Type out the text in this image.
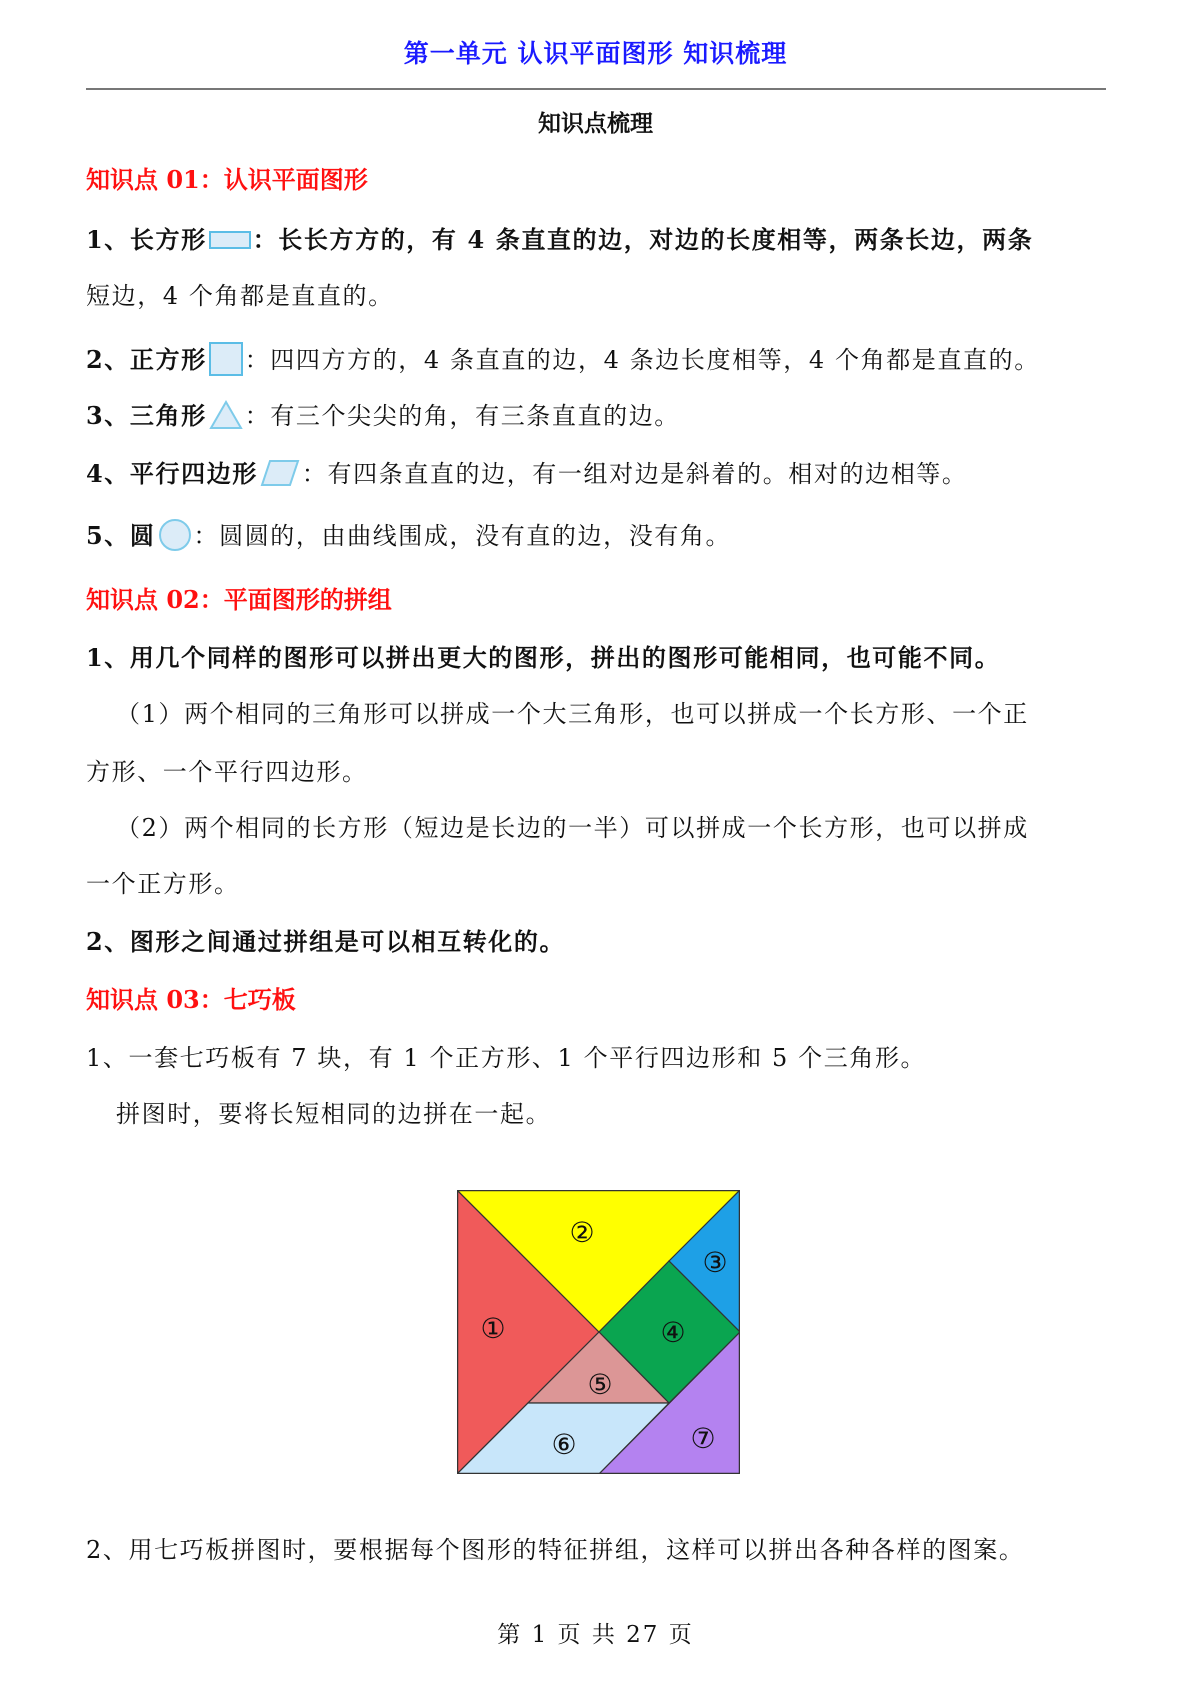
第一单元 认识平面图形 知识梳理
知识点梳理
知识点 01：认识平面图形
1、长方形 ：长长方方的，有 4 条直直的边，对边的长度相等，两条长边，两条
短边，4 个角都是直直的。
2、正方形 ：四四方方的，4 条直直的边，4 条边长度相等，4 个角都是直直的。
3、三角形 ：有三个尖尖的角，有三条直直的边。
4、平行四边形 ：有四条直直的边，有一组对边是斜着的。相对的边相等。
5、圆 ：圆圆的，由曲线围成，没有直的边，没有角。
知识点 02：平面图形的拼组
1、用几个同样的图形可以拼出更大的图形，拼出的图形可能相同，也可能不同。
（1）两个相同的三角形可以拼成一个大三角形，也可以拼成一个长方形、一个正
方形、一个平行四边形。
（2）两个相同的长方形（短边是长边的一半）可以拼成一个长方形，也可以拼成
一个正方形。
2、图形之间通过拼组是可以相互转化的。
知识点 03：七巧板
1、一套七巧板有 7 块，有 1 个正方形、1 个平行四边形和 5 个三角形。
拼图时，要将长短相同的边拼在一起。
①
②
③
④
⑤
⑥	⑦
2、用七巧板拼图时，要根据每个图形的特征拼组，这样可以拼出各种各样的图案。
第 1 页 共 27 页
